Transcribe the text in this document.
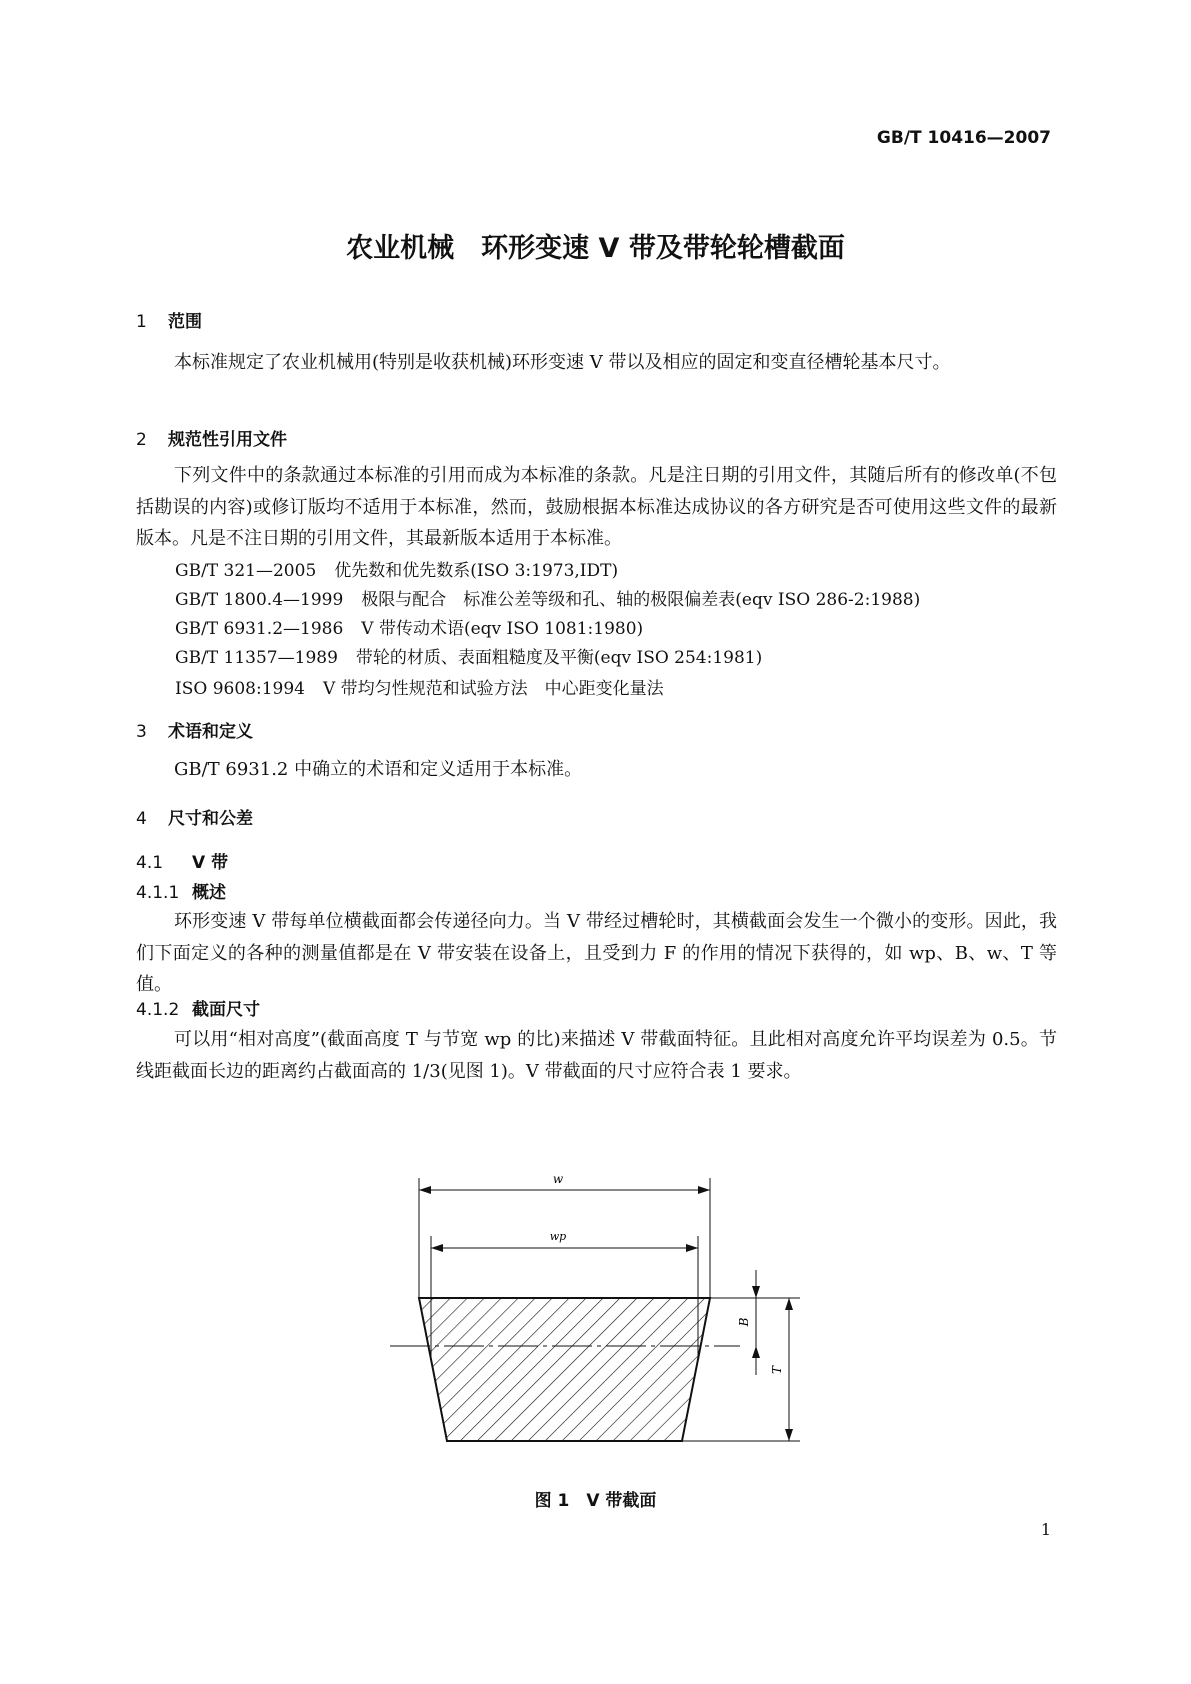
GB/T 10416—2007
农业机械　环形变速 V 带及带轮轮槽截面
1 范围

本标准规定了农业机械用(特别是收获机械)环形变速 V 带以及相应的固定和变直径槽轮基本尺寸。

2 规范性引用文件

下列文件中的条款通过本标准的引用而成为本标准的条款。凡是注日期的引用文件，其随后所有的修改单(不包括勘误的内容)或修订版均不适用于本标准，然而，鼓励根据本标准达成协议的各方研究是否可使用这些文件的最新版本。凡是不注日期的引用文件，其最新版本适用于本标准。

GB/T 321—2005 优先数和优先数系(ISO 3:1973,IDT)
GB/T 1800.4—1999 极限与配合　标准公差等级和孔、轴的极限偏差表(eqv ISO 286-2:1988)
GB/T 6931.2—1986 V 带传动术语(eqv ISO 1081:1980)
GB/T 11357—1989 带轮的材质、表面粗糙度及平衡(eqv ISO 254:1981)
ISO 9608:1994 V 带均匀性规范和试验方法　中心距变化量法
3 术语和定义

GB/T 6931.2 中确立的术语和定义适用于本标准。

4 尺寸和公差
4.1 V 带
4.1.1 概述

环形变速 V 带每单位横截面都会传递径向力。当 V 带经过槽轮时，其横截面会发生一个微小的变形。因此，我们下面定义的各种的测量值都是在 V 带安装在设备上，且受到力 F 的作用的情况下获得的，如 wp、B、w、T 等值。

4.1.2 截面尺寸

可以用“相对高度”(截面高度 T 与节宽 wp 的比)来描述 V 带截面特征。且此相对高度允许平均误差为 0.5。节线距截面长边的距离约占截面高的 1/3(见图 1)。V 带截面的尺寸应符合表 1 要求。

w
wp
B
T
图 1　V 带截面
1
